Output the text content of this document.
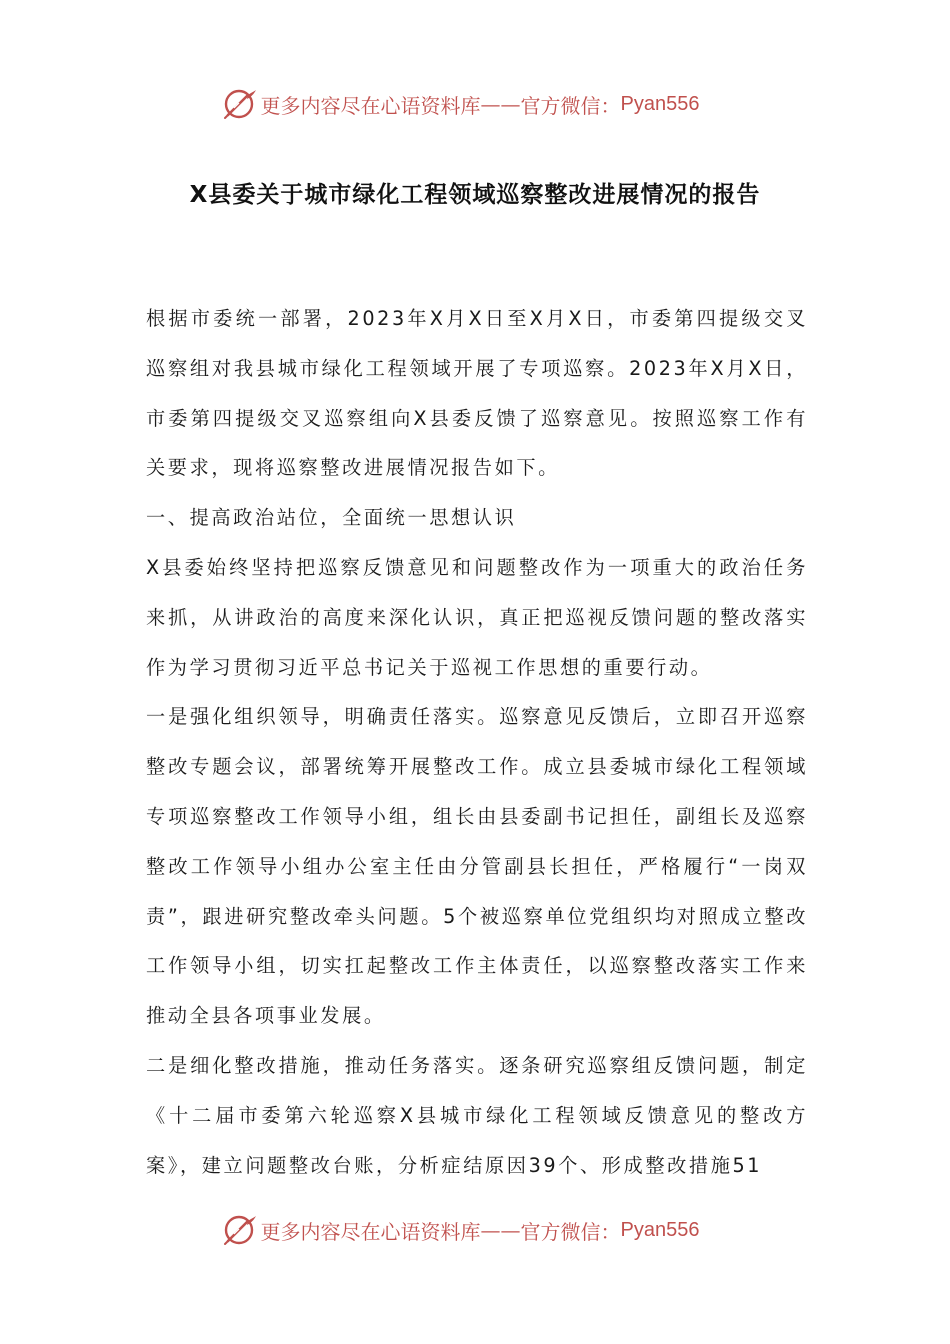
更多内容尽在心语资料库 —— 官方微信： Pyan556
X县委关于城市绿化工程领域巡察整改进展情况的报告

根据市委统一部署，2023年X月X日至X月X日，市委第四提级交叉巡察组对我县城市绿化工程领域开展了专项巡察。2023年X月X日，市委第四提级交叉巡察组向X县委反馈了巡察意见。按照巡察工作有关要求，现将巡察整改进展情况报告如下。

一、提高政治站位，全面统一思想认识

X县委始终坚持把巡察反馈意见和问题整改作为一项重大的政治任务来抓，从讲政治的高度来深化认识，真正把巡视反馈问题的整改落实作为学习贯彻习近平总书记关于巡视工作思想的重要行动。

一是强化组织领导，明确责任落实。巡察意见反馈后，立即召开巡察整改专题会议，部署统筹开展整改工作。成立县委城市绿化工程领域专项巡察整改工作领导小组，组长由县委副书记担任，副组长及巡察整改工作领导小组办公室主任由分管副县长担任，严格履行“一岗双责”，跟进研究整改牵头问题。5个被巡察单位党组织均对照成立整改工作领导小组，切实扛起整改工作主体责任，以巡察整改落实工作来推动全县各项事业发展。

二是细化整改措施，推动任务落实。逐条研究巡察组反馈问题，制定《十二届市委第六轮巡察X县城市绿化工程领域反馈意见的整改方案》，建立问题整改台账，分析症结原因39个、形成整改措施51

更多内容尽在心语资料库 —— 官方微信： Pyan556
